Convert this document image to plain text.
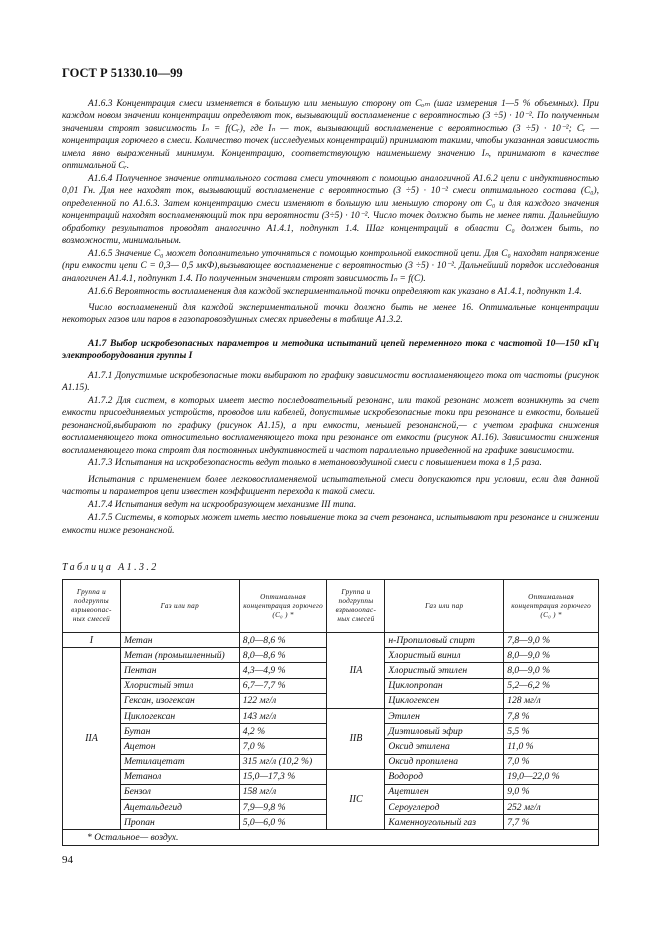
ГОСТ Р 51330.10—99

А1.6.3 Концентрация смеси изменяется в большую или меньшую сторону от Cₒₘ (шаг измерения 1—5 % объемных). При каждом новом значении концентрации определяют ток, вызывающий воспламенение с вероятностью (3 ÷5) · 10⁻². По полученным значениям строят зависимость Iₙ = f(Cᵣ), где Iₙ — ток, вызывающий воспламенение с вероятностью (3 ÷5) · 10⁻²; Cᵣ — концентрация горючего в смеси. Количество точек (исследуемых концентраций) принимают такими, чтобы указанная зависимость имела явно выраженный минимум. Концентрацию, соответствующую наименьшему значению Iₙ, принимают в качестве оптимальной Cᵣ.

А1.6.4 Полученное значение оптимального состава смеси уточняют с помощью аналогичной А1.6.2 цепи с индуктивностью 0,01 Гн. Для нее находят ток, вызывающий воспламенение с вероятностью (3 ÷5) · 10⁻² смеси оптимального состава (C₀), определенной по А1.6.3. Затем концентрацию смеси изменяют в большую или меньшую сторону от C₀ и для каждого значения концентраций находят воспламеняющий ток при вероятности (3÷5) · 10⁻². Число точек должно быть не менее пяти. Дальнейшую обработку результатов проводят аналогично А1.4.1, подпункт 1.4. Шаг концентраций в области C₀ должен быть, по возможности, минимальным.

А1.6.5 Значение C₀ может дополнительно уточняться с помощью контрольной емкостной цепи. Для C₀ находят напряжение (при емкости цепи C = 0,3— 0,5 мкФ),вызывающее воспламенение с вероятностью (3 ÷5) · 10⁻². Дальнейший порядок исследования аналогичен А1.4.1, подпункт 1.4. По полученным значениям строят зависимость Iₙ = f(C).

А1.6.6 Вероятность воспламенения для каждой экспериментальной точки определяют как указано в А1.4.1, подпункт 1.4.

Число воспламенений для каждой экспериментальной точки должно быть не менее 16. Оптимальные концентрации некоторых газов или паров в газопаровоздушных смесях приведены в таблице А1.3.2.

А1.7 Выбор искробезопасных параметров и методика испытаний цепей переменного тока с частотой 10—150 кГц электрооборудования группы I

А1.7.1 Допустимые искробезопасные токи выбирают по графику зависимости воспламеняющего тока от частоты (рисунок А1.15).

А1.7.2 Для систем, в которых имеет место последовательный резонанс, или такой резонанс может возникнуть за счет емкости присоединяемых устройств, проводов или кабелей, допустимые искробезопасные токи при резонансе и емкости, большей резонансной,выбирают по графику (рисунок А1.15), а при емкости, меньшей резонансной,— с учетом графика снижения воспламеняющего тока относительно воспламеняющего тока при резонансе от емкости (рисунок А1.16). Зависимости снижения воспламеняющего тока строят для постоянных индуктивностей и частот параллельно приведенной на графике зависимости.

А1.7.3 Испытания на искробезопасность ведут только в метановоздушной смеси с повышением тока в 1,5 раза.

Испытания с применением более легковоспламеняемой испытательной смеси допускаются при условии, если для данной частоты и параметров цепи известен коэффициент перехода к такой смеси.

А1.7.4 Испытания ведут на искрообразующем механизме III типа.

А1.7.5 Системы, в которых может иметь место повышение тока за счет резонанса, испытывают при резонансе и снижении емкости ниже резонансной.

Таблица А1.3.2
Группа и подгруппы взрывоопас-ных смесей	Газ или пар	Оптимальная концентрация горючего (C₀ ) *	Группа и подгруппы взрывоопас-ных смесей	Газ или пар	Оптимальная концентрация горючего (C₀ ) *
I	Метан	8,0—8,6 %	IIA	н-Пропиловый спирт	7,8—9,0 %
IIA	Метан (промышленный)	8,0—8,6 %		Хлористый винил	8,0—9,0 %
	Пентан	4,3—4,9 %		Хлористый этилен	8,0—9,0 %
	Хлористый этил	6,7—7,7 %		Циклопропан	5,2—6,2 %
	Гексан, изогексан	122 мг/л		Циклогексен	128 мг/л
	Циклогексан	143 мг/л	IIB	Этилен	7,8 %
	Бутан	4,2 %		Диэтиловый эфир	5,5 %
	Ацетон	7,0 %		Оксид этилена	11,0 %
	Метилацетат	315 мг/л (10,2 %)		Оксид пропилена	7,0 %
	Метанол	15,0—17,3 %	IIC	Водород	19,0—22,0 %
	Бензол	158 мг/л		Ацетилен	9,0 %
	Ацетальдегид	7,9—9,8 %		Сероуглерод	252 мг/л
	Пропан	5,0—6,0 %		Каменноугольный газ	7,7 %
* Остальное— воздух.					
94
